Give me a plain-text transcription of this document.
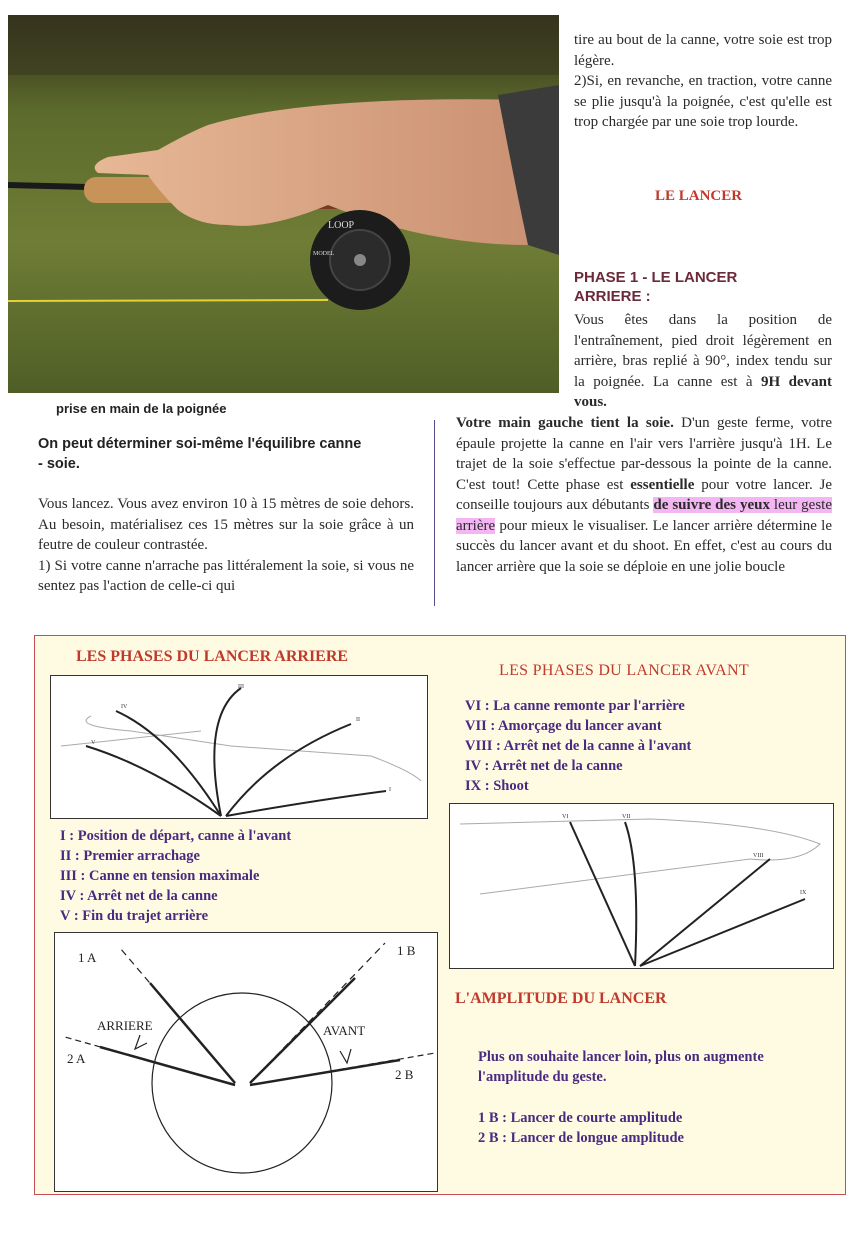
LOOP
MODEL
prise en main de la poignée
On peut déterminer soi-même l'équilibre canne - soie.

Vous lancez. Vous avez environ 10 à 15 mètres de soie dehors. Au besoin, matérialisez ces 15 mètres sur la soie grâce à un feutre de couleur contrastée.

1) Si votre canne n'arrache pas littéralement la soie, si vous ne sentez pas l'action de celle-ci qui

tire au bout de la canne, votre soie est trop légère.
2)Si, en revanche, en traction, votre canne se plie jusqu'à la poignée, c'est qu'elle est trop chargée par une soie trop lourde.
LE LANCER
PHASE 1 - LE LANCER
ARRIERE :
Vous êtes dans la position de l'entraînement, pied droit légèrement en arrière, bras replié à 90°, index tendu sur la poignée. La canne est à 9H devant vous.
Votre main gauche tient la soie. D'un geste ferme, votre épaule projette la canne en l'air vers l'arrière jusqu'à 1H. Le trajet de la soie s'effectue par-dessous la pointe de la canne. C'est tout! Cette phase est essentielle pour votre lancer. Je conseille toujours aux débutants de suivre des yeux leur geste arrière pour mieux le visualiser. Le lancer arrière détermine le succès du lancer avant et du shoot. En effet, c'est au cours du lancer arrière que la soie se déploie en une jolie boucle
LES PHASES DU LANCER ARRIERE
LES PHASES DU LANCER AVANT
III
IV
V
II
I
I : Position de départ, canne à l'avant
II : Premier arrachage
III : Canne en tension maximale
IV : Arrêt net de la canne
V : Fin du trajet arrière
VI : La canne remonte par l'arrière
VII : Amorçage du lancer avant
VIII : Arrêt net de la canne à l'avant
IV : Arrêt net de la canne
IX : Shoot
VI	VII
VIII
IX
1 A	1 B
2 A
2 B
ARRIERE	AVANT
L'AMPLITUDE DU LANCER
Plus on souhaite lancer loin, plus on augmente l'amplitude du geste.
1 B : Lancer de courte amplitude
2 B : Lancer de longue amplitude
